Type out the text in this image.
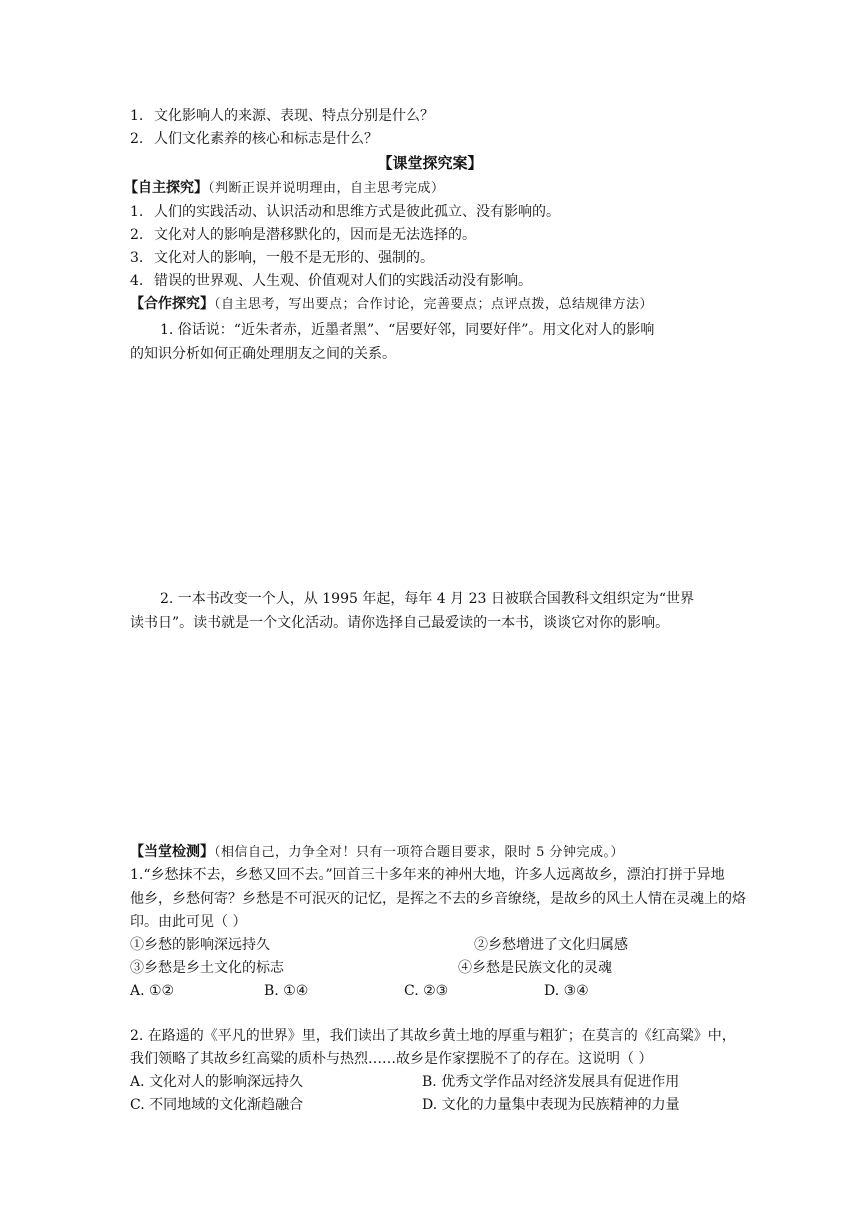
1. 文化影响人的来源、表现、特点分别是什么？
2. 人们文化素养的核心和标志是什么？
【课堂探究案】
【自主探究】（判断正误并说明理由，自主思考完成）
1. 人们的实践活动、认识活动和思维方式是彼此孤立、没有影响的。
2. 文化对人的影响是潜移默化的，因而是无法选择的。
3. 文化对人的影响，一般不是无形的、强制的。
4. 错误的世界观、人生观、价值观对人们的实践活动没有影响。
【合作探究】（自主思考，写出要点；合作讨论，完善要点；点评点拨，总结规律方法）
1. 俗话说：“近朱者赤，近墨者黑”、“居要好邻，同要好伴”。用文化对人的影响
的知识分析如何正确处理朋友之间的关系。
2. 一本书改变一个人，从 1995 年起，每年 4 月 23 日被联合国教科文组织定为“世界
读书日”。读书就是一个文化活动。请你选择自己最爱读的一本书，谈谈它对你的影响。
【当堂检测】（相信自己，力争全对！只有一项符合题目要求，限时 5 分钟完成。）
1.“乡愁抹不去，乡愁又回不去。”回首三十多年来的神州大地，许多人远离故乡，漂泊打拼于异地
他乡，乡愁何寄？乡愁是不可泯灭的记忆，是挥之不去的乡音缭绕，是故乡的风土人情在灵魂上的烙
印。由此可见（ ）
①乡愁的影响深远持久	②乡愁增进了文化归属感
③乡愁是乡土文化的标志	④乡愁是民族文化的灵魂
A. ①②	B. ①④	C. ②③	D. ③④
2. 在路遥的《平凡的世界》里，我们读出了其故乡黄土地的厚重与粗犷；在莫言的《红高粱》中，
我们领略了其故乡红高粱的质朴与热烈……故乡是作家摆脱不了的存在。这说明（ ）
A. 文化对人的影响深远持久	B. 优秀文学作品对经济发展具有促进作用
C. 不同地域的文化渐趋融合	D. 文化的力量集中表现为民族精神的力量
